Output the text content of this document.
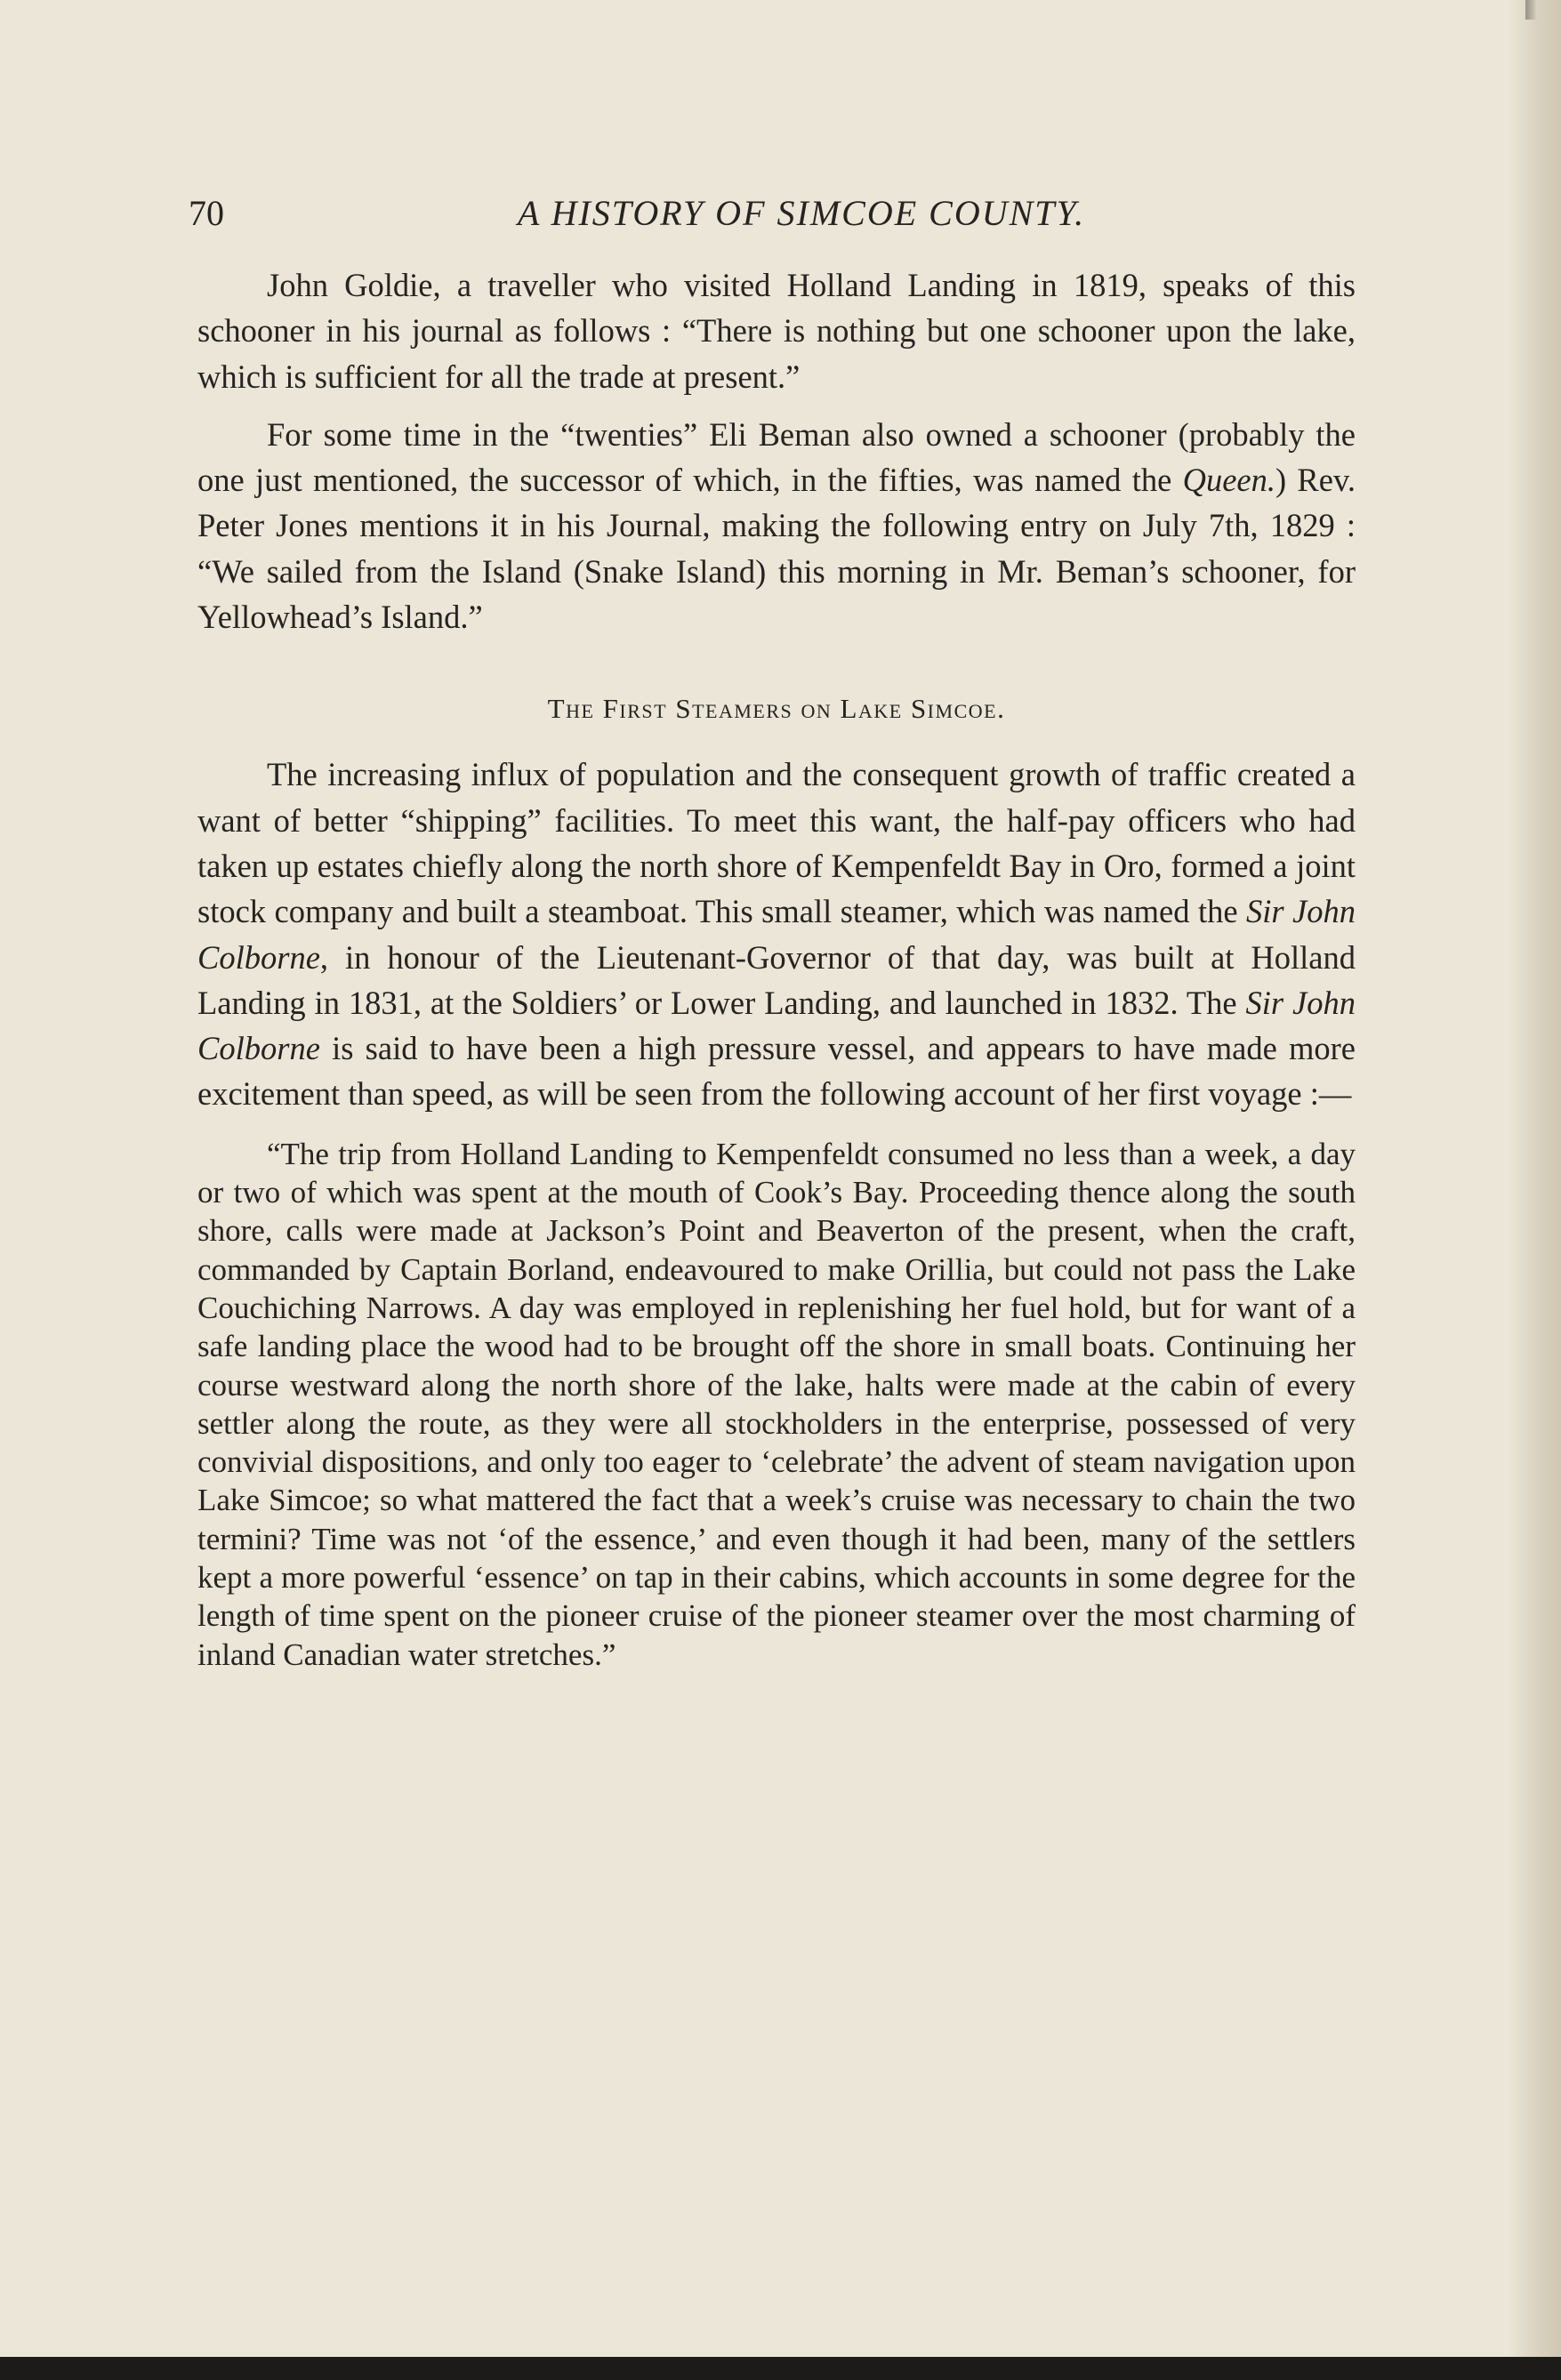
70	A HISTORY OF SIMCOE COUNTY.

John Goldie, a traveller who visited Holland Landing in 1819, speaks of this schooner in his journal as follows : “There is nothing but one schooner upon the lake, which is sufficient for all the trade at present.”

For some time in the “twenties” Eli Beman also owned a schooner (probably the one just mentioned, the successor of which, in the fifties, was named the Queen.) Rev. Peter Jones mentions it in his Journal, making the following entry on July 7th, 1829 : “We sailed from the Island (Snake Island) this morning in Mr. Beman’s schooner, for Yellowhead’s Island.”

The First Steamers on Lake Simcoe.

The increasing influx of population and the consequent growth of traffic created a want of better “shipping” facilities. To meet this want, the half-pay officers who had taken up estates chiefly along the north shore of Kempenfeldt Bay in Oro, formed a joint stock company and built a steamboat. This small steamer, which was named the Sir John Colborne, in honour of the Lieutenant-Governor of that day, was built at Holland Landing in 1831, at the Soldiers’ or Lower Landing, and launched in 1832. The Sir John Colborne is said to have been a high pressure vessel, and appears to have made more excitement than speed, as will be seen from the following account of her first voyage :—

“The trip from Holland Landing to Kempenfeldt consumed no less than a week, a day or two of which was spent at the mouth of Cook’s Bay. Proceeding thence along the south shore, calls were made at Jackson’s Point and Beaverton of the present, when the craft, commanded by Captain Borland, endeavoured to make Orillia, but could not pass the Lake Couchiching Narrows. A day was employed in replenishing her fuel hold, but for want of a safe landing place the wood had to be brought off the shore in small boats. Continuing her course westward along the north shore of the lake, halts were made at the cabin of every settler along the route, as they were all stockholders in the enterprise, possessed of very convivial dispositions, and only too eager to ‘celebrate’ the advent of steam navigation upon Lake Simcoe; so what mattered the fact that a week’s cruise was necessary to chain the two termini? Time was not ‘of the essence,’ and even though it had been, many of the settlers kept a more powerful ‘essence’ on tap in their cabins, which accounts in some degree for the length of time spent on the pioneer cruise of the pioneer steamer over the most charming of inland Canadian water stretches.”
